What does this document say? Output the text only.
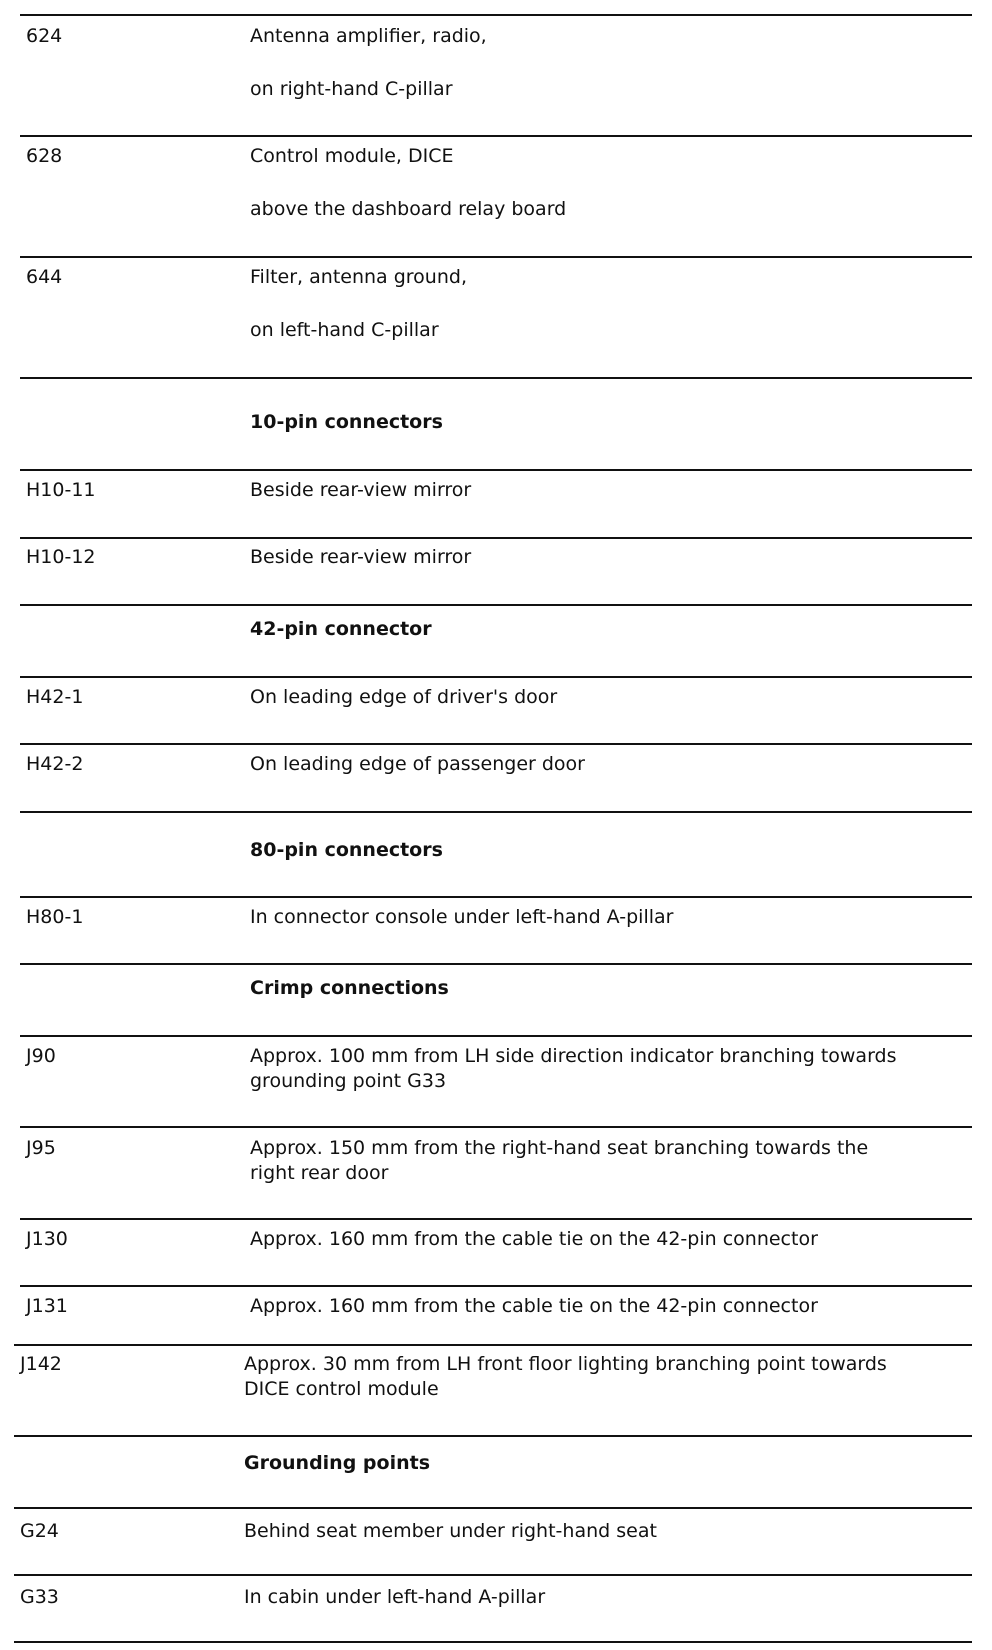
624	Antenna amplifier, radio,
on right-hand C-pillar
628	Control module, DICE
above the dashboard relay board
644	Filter, antenna ground,
on left-hand C-pillar
10-pin connectors
H10-11	Beside rear-view mirror
H10-12	Beside rear-view mirror
42-pin connector
H42-1	On leading edge of driver's door
H42-2	On leading edge of passenger door
80-pin connectors
H80-1	In connector console under left-hand A-pillar
Crimp connections
J90	Approx. 100 mm from LH side direction indicator branching towards
grounding point G33
J95	Approx. 150 mm from the right-hand seat branching towards the
right rear door
J130	Approx. 160 mm from the cable tie on the 42-pin connector
J131	Approx. 160 mm from the cable tie on the 42-pin connector
J142	Approx. 30 mm from LH front floor lighting branching point towards
DICE control module
Grounding points
G24	Behind seat member under right-hand seat
G33	In cabin under left-hand A-pillar
